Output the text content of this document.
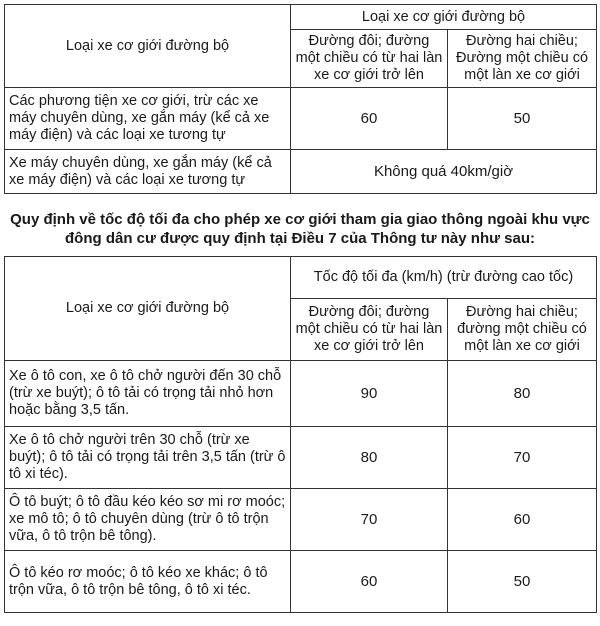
Loại xe cơ giới đường bộ	Loại xe cơ giới đường bộ	
	Đường đôi; đường một chiều có từ hai làn xe cơ giới trở lên	Đường hai chiều; Đường một chiều có một làn xe cơ giới
Các phương tiện xe cơ giới, trừ các xe máy chuyên dùng, xe gắn máy (kể cả xe máy điện) và các loại xe tương tự	60	50
Xe máy chuyên dùng, xe gắn máy (kể cả xe máy điện) và các loại xe tương tự	Không quá 40km/giờ	
Quy định về tốc độ tối đa cho phép xe cơ giới tham gia giao thông ngoài khu vực đông dân cư được quy định tại Điều 7 của Thông tư này như sau:
Loại xe cơ giới đường bộ	Tốc độ tối đa (km/h) (trừ đường cao tốc)	
	Đường đôi; đường một chiều có từ hai làn xe cơ giới trở lên	Đường hai chiều; đường một chiều có một làn xe cơ giới
Xe ô tô con, xe ô tô chở người đến 30 chỗ (trừ xe buýt); ô tô tải có trọng tải nhỏ hơn hoặc bằng 3,5 tấn.	90	80
Xe ô tô chở người trên 30 chỗ (trừ xe buýt); ô tô tải có trọng tải trên 3,5 tấn (trừ ô tô xi téc).	80	70
Ô tô buýt; ô tô đầu kéo kéo sơ mi rơ moóc; xe mô tô; ô tô chuyên dùng (trừ ô tô trộn vữa, ô tô trộn bê tông).	70	60
Ô tô kéo rơ moóc; ô tô kéo xe khác; ô tô trộn vữa, ô tô trộn bê tông, ô tô xi téc.	60	50
